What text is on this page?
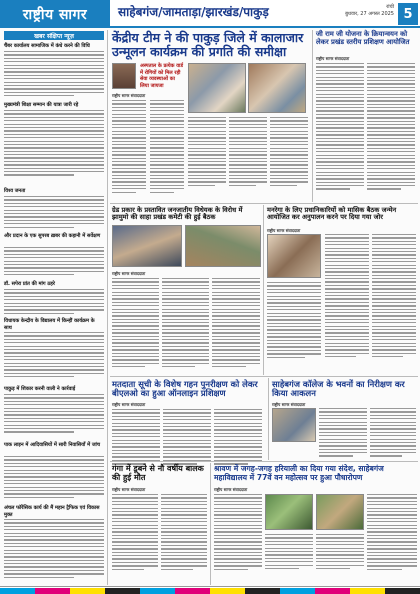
राष्ट्रीय सागर	साहेबगंज/जामताड़ा/झारखंड/पाकुड़	रांची
बुधवार, 27 अगस्त 2025 5
खबर संक्षिप्त न्यूज़
चैंबर कार्यालय सामाजिक में कंधे करने की विधि
मुख्यमंत्री शिक्षा सम्मान की यात्रा जारी रहे
विश्व जनता
और प्रदान के एक सुपरब ख़बर की कहानी में सर्वेक्षण
डॉ. सपेरा प्रांत की मांग ठहरे
विधायक केन्द्रीय के विद्यालय में किन्हीं कार्यक्रम के साथ
पाकुड़ में शिकार करनी वाली ने कार्रवाई
पाक लाइन में आदिवासियों में सारी निवासियाँ में जांच
अंचल फॉरेंसिक कार्य की मैं महान ट्रैफिक एवं विकास मुक्त
केंद्रीय टीम ने की पाकुड़ जिले में कालाजार उन्मूलन कार्यक्रम की प्रगति की समीक्षा
अस्पताल के प्रत्येक वार्ड में रोगियों को मिल रही सेवा व्यवस्थाओं का लिया जायजा
राष्ट्रीय सागर संवाददाता
जी राम जी योजना के क्रियान्वयन को लेकर प्रखंड स्तरीय प्रशिक्षण आयोजित
राष्ट्रीय सागर संवाददाता
ग्रेड प्रकार के प्रस्तावित जनजातीय विधेयक के विरोध में झामुमो की साहा प्रखंड कमेटी की हुई बैठक
राष्ट्रीय सागर संवाददाता
मनरेगा के लिए प्रधानिकारियों को मासिक बैठक जन्मेन आयोजित कर अनुपालन करने पर दिया गया जोर
राष्ट्रीय सागर संवाददाता
मतदाता सूची के विशेष गहन पुनरीक्षण को लेकर बीएलओ का हुआ ऑनलाइन प्रशिक्षण
राष्ट्रीय सागर संवाददाता
साहेबगंज कॉलेज के भवनों का निरीक्षण कर किया आकलन
राष्ट्रीय सागर संवाददाता
गंगा में डूबने से नौ वर्षीय बालक की हुई मौत
राष्ट्रीय सागर संवाददाता
श्रावण में जगह-जगह हरियाली का दिया गया संदेश, साहेबगंज महाविद्यालय में 77वें वन महोत्सव पर हुआ पौधारोपण
राष्ट्रीय सागर संवाददाता
